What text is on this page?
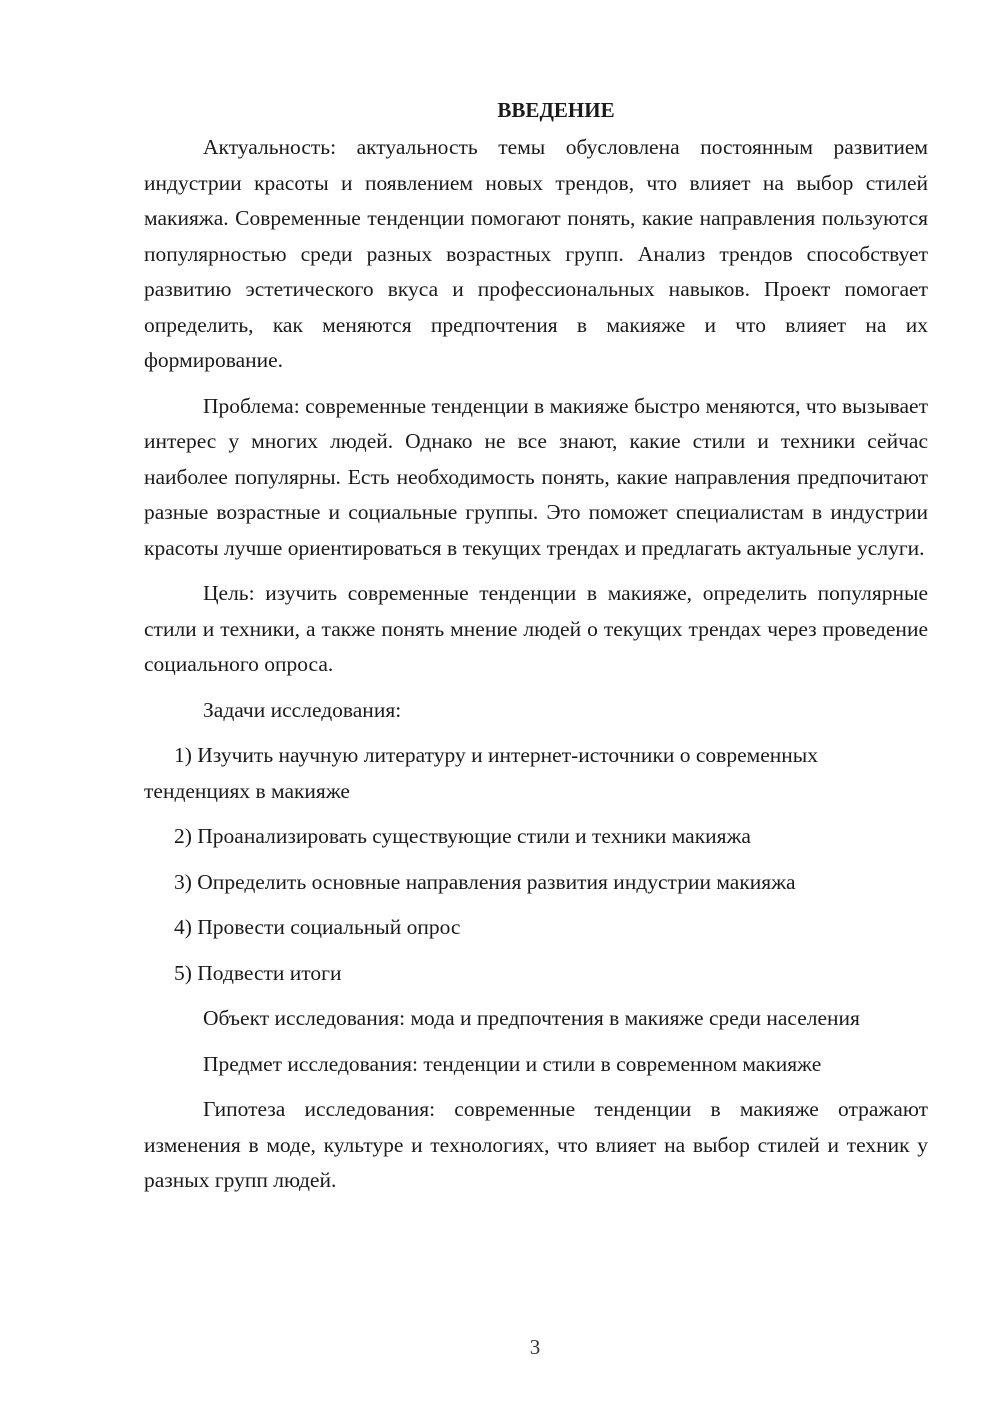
ВВЕДЕНИЕ

Актуальность: актуальность темы обусловлена постоянным развитием индустрии красоты и появлением новых трендов, что влияет на выбор стилей макияжа. Современные тенденции помогают понять, какие направления пользуются популярностью среди разных возрастных групп. Анализ трендов способствует развитию эстетического вкуса и профессиональных навыков. Проект помогает определить, как меняются предпочтения в макияже и что влияет на их формирование.

Проблема: современные тенденции в макияже быстро меняются, что вызывает интерес у многих людей. Однако не все знают, какие стили и техники сейчас наиболее популярны. Есть необходимость понять, какие направления предпочитают разные возрастные и социальные группы. Это поможет специалистам в индустрии красоты лучше ориентироваться в текущих трендах и предлагать актуальные услуги.

Цель: изучить современные тенденции в макияже, определить популярные стили и техники, а также понять мнение людей о текущих трендах через проведение социального опроса.

Задачи исследования:

1) Изучить научную литературу и интернет-источники о современных тенденциях в макияже

2) Проанализировать существующие стили и техники макияжа

3) Определить основные направления развития индустрии макияжа

4) Провести социальный опрос

5) Подвести итоги

Объект исследования: мода и предпочтения в макияже среди населения

Предмет исследования: тенденции и стили в современном макияже

Гипотеза исследования: современные тенденции в макияже отражают изменения в моде, культуре и технологиях, что влияет на выбор стилей и техник у разных групп людей.

3
